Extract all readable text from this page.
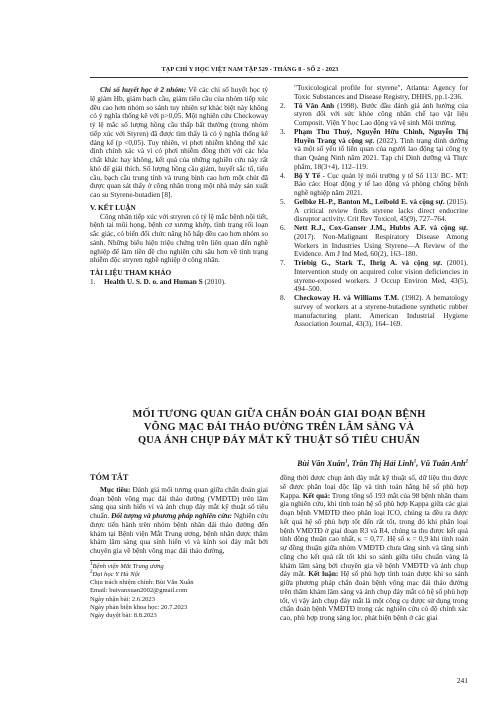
TẠP CHÍ Y HỌC VIỆT NAM TẬP 529 - THÁNG 8 - SỐ 2 - 2023

Chỉ số huyết học ở 2 nhóm: Về các chỉ số huyết học tỷ lệ giảm Hb, giảm bạch cầu, giảm tiểu cầu của nhóm tiếp xúc đều cao hơn nhóm so sánh tuy nhiên sự khác biệt này không có ý nghĩa thống kê với p>0,05. Một nghiên cứu Checkoway tỷ lệ mắc số lượng hồng cầu thấp bất thường (trong nhóm tiếp xúc với Styren) đã được tìm thấy là có ý nghĩa thống kê đáng kể (p <0,05). Tuy nhiên, vì phơi nhiễm không thể xác định chính xác và vì có phơi nhiễm đồng thời với các hóa chất khác hay không, kết quả của những nghiên cứu này rất khó để giải thích. Số lượng hồng cầu giảm, huyết sắc tố, tiểu cầu, bạch cầu trung tính và trung bình cao hơn một chút đã được quan sát thấy ở công nhân trong một nhà máy sản xuất cao su Styrene-butadien [8].

V. KẾT LUẬN

Công nhân tiếp xúc với stryren có tỷ lệ mắc bệnh nội tiết, bệnh tai mũi họng, bệnh cơ xương khớp, tình trạng rối loạn sắc giác, có biến đổi chức năng hô hấp đều cao hơn nhóm so sánh. Những biểu hiện triệu chứng trên liên quan đến nghề nghiệp để làm tiền đề cho nghiên cứu sâu hơn về tình trạng nhiễm độc stryren nghề nghiệp ở công nhân.

TÀI LIỆU THAM KHẢO

1.	Health U. S. D. o. and Human S (2010).
"Toxicological profile for styrene", Atlanta: Agency for Toxic Substances and Disease Registry, DHHS, pp.1-236.
2.	Tô Văn Anh (1998). Bước đầu đánh giá ảnh hưởng của styren đối với sức khỏe công nhân chế tạo vật liệu Composit. Viện Y học Lao động và vệ sinh Môi trường.
3.	Phạm Thu Thuỷ, Nguyễn Hữu Chinh, Nguyễn Thị Huyền Trang và cộng sự. (2022). Tình trạng dinh dưỡng và một số yếu tố liên quan của người lao động tại công ty than Quảng Ninh năm 2021. Tạp chí Dinh dưỡng và Thực phẩm, 18(3+4), 112–119.
4.	Bộ Y Tế - Cục quản lý môi trường y tế Số 113/ BC- MT: Báo cáo: Hoạt động y tế lao động và phòng chống bệnh nghề nghiệp năm 2021.
5.	Gelbke H.-P., Banton M., Leibold E. và cộng sự. (2015). A critical review finds styrene lacks direct endocrine disruptor activity. Crit Rev Toxicol, 45(9), 727–764.
6.	Nett R.J., Cox-Ganser J.M., Hubbs A.F. và cộng sự. (2017). Non-Malignant Respiratory Disease Among Workers in Industries Using Styrene—A Review of the Evidence. Am J Ind Med, 60(2), 163–180.
7.	Triebig G., Stark T., Ihrig A. và cộng sự. (2001). Intervention study on acquired color vision deficiencies in styrene-exposed workers. J Occup Environ Med, 43(5), 494–500.
8.	Checkoway H. và Williams T.M. (1982). A hematology survey of workers at a styrene-butadiene synthetic rubber manufacturing plant. American Industrial Hygiene Association Journal, 43(3), 164–169.
MỐI TƯƠNG QUAN GIỮA CHẨN ĐOÁN GIAI ĐOẠN BỆNH
VÕNG MẠC ĐÁI THÁO ĐƯỜNG TRÊN LÂM SÀNG VÀ
QUA ẢNH CHỤP ĐÁY MẮT KỸ THUẬT SỐ TIÊU CHUẨN
Bùi Văn Xuân$^1$, Trần Thị Hải Linh$^1$, Vũ Tuấn Anh$^2$

TÓM TẮT

Mục tiêu: Đánh giá mối tương quan giữa chẩn đoán giai đoạn bệnh võng mạc đái tháo đường (VMĐTĐ) trên lâm sàng qua sinh hiển vi và ảnh chụp đáy mắt kỹ thuật số tiêu chuẩn. Đối tượng và phương pháp nghiên cứu: Nghiên cứu được tiến hành trên nhóm bệnh nhân đái tháo đường đến khám tại Bệnh viện Mắt Trung ương, bệnh nhân được thăm khám lâm sàng qua sinh hiển vi và kính soi đáy mắt bởi chuyên gia về bệnh võng mạc đái tháo đường,

$^1$Bệnh viện Mắt Trung ương
$^2$Đại học Y Hà Nội
Chịu trách nhiệm chính: Bùi Văn Xuân
Email: buivanxuan2002@gmail.com
Ngày nhận bài: 2.6.2023
Ngày phản biện khoa học: 20.7.2023
Ngày duyệt bài: 8.8.2023

đồng thời được chụp ảnh đáy mắt kỹ thuật số, dữ liệu thu được sẽ được phân loại độc lập và tính toán hằng hệ số phù hợp Kappa. Kết quả: Trong tổng số 193 mắt của 98 bệnh nhân tham gia nghiên cứu, khi tính toán hệ số phù hợp Kappa giữa các giai đoạn bệnh VMĐTĐ theo phân loại ICO, chúng ta đều ra được kết quả hệ số phù hợp tốt đến rất tốt, trong đó khi phân loại bệnh VMĐTĐ ở giai đoạn R3 và R4, chúng ta thu được kết quả tính đồng thuận cao nhất, κ = 0,77. Hệ số κ = 0,9 khi tính toán sự đồng thuận giữa nhóm VMĐTĐ chưa tăng sinh và tăng sinh cũng cho kết quả rất tốt khi so sánh giữa tiêu chuẩn vàng là khám lâm sàng bởi chuyên gia về bệnh VMĐTĐ và ảnh chụp đáy mắt. Kết luận: Hệ số phù hợp tính toán được khi so sánh giữa phương pháp chẩn đoán bệnh võng mạc đái tháo đường trên thăm khám lâm sàng và ảnh chụp đáy mắt có hệ số phù hợp tốt, vì vậy ảnh chụp đáy mắt là một công cụ được sử dụng trong chẩn đoán bệnh VMĐTĐ trong các nghiên cứu có độ chính xác cao, phù hợp trong sàng lọc, phát hiện bệnh ở các giai

241
